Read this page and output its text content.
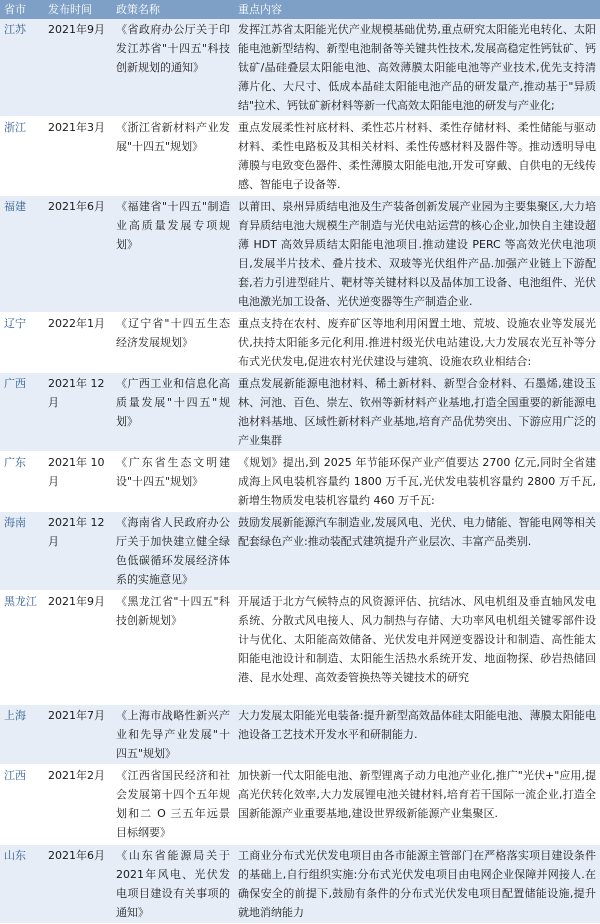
省市	发布时间	政策名称	重点内容
江苏	2021年9月	《省政府办公厅关于印发江苏省"十四五"科技创新规划的通知》	发挥江苏省太阳能光伏产业规模基础优势,重点研究太阳能光电转化、太阳能电池新型结构、新型电池制备等关键共性技术,发展高稳定性钙钛矿、钙钛矿/晶硅叠层太阳能电池、高效薄膜太阳能电池等产业技术,优先支持清薄片化、大尺寸、低成本晶硅太阳能电池产品的研发量产,推动基于"异质结"拉术、钙钛矿新材料等新一代高效太阳能电池的研发与产业化;
浙江	2021年3月	《浙江省新材料产业发展"十四五"规划》	重点发展柔性衬底材料、柔性芯片材料、柔性存储材料、柔性储能与驱动材料、柔性电路板及其相关材料、柔性传感材料及器件等。推动透明导电薄膜与电致变色器件、柔性薄膜太阳能电池,开发可穿戴、自供电的无线传感、智能电子设备等.
福建	2021年6月	《福建省"十四五"制造业高质量发展专项规划》	以莆田、泉州异质结电池及生产装备创新发展产业园为主要集聚区,大力培育异质结电池大规模生产制造与光伏电站运营的核心企业,加快自主建设超薄 HDT 高效异质结太阳能电池项目.推动建设 PERC 等高效光伏电池项目,发展半片技术、叠片技术、双玻等光伏组件产品.加强产业链上下游配套,若力引进型硅片、靶材等关键材料以及晶体加工设备、电池组件、光伏电池激光加工设备、光伏逆变器等生产制造企业.
辽宁	2022年1月	《辽宁省"十四五生态经济发展规划》	重点支持在农村、废弃矿区等地利用闲置土地、荒坡、设施农业等发展光伏,扶持太阳能多元化利用.推进村级光伏电站建设,大力发展农光互补等分布式光伏发电,促进农村光伏建设与建筑、设施农玖业相结合:
广西	2021年 12月	《广西工业和信息化高质量发展"十四五"规划》	重点发展新能源电池材料、稀土新材料、新型合金材料、石墨烯,建设玉林、河池、百色、崇左、钦州等新材料产业基地,打造全国重要的新能源电池材料基地、区域性新材料产业基地,培育产品优势突出、下游应用广泛的产业集群
广东	2021年 10月	《广东省生态文明建设"十四五"规划》	《规划》提出,到 2025 年节能环保产业产值要达 2700 亿元,同时全省建成海上风电装机容量约 1800 万千瓦,光伏发电装机容量约 2800 万千瓦,新增生物质发电装机容量约 460 万千瓦:
海南	2021年 12月	《海南省人民政府办公厅关于加快建立健全绿色低碳循环发展经济体系的实施意见》	鼓励发展新能源汽车制造业,发展风电、光伏、电力储能、智能电网等相关配套绿色产业:推动装配式建筑提升产业层次、丰富产品类别.
黑龙江	2021年9月	《黑龙江省"十四五"科技创新规划》	开展适于北方气候特点的风资源评估、抗结冰、风电机组及垂直轴风发电系统、分散式风电接人、风力制热与存储、大功率风电机组关键零部件设计与优化、太阳能高效储备、光伏发电并网逆变器设计和制造、高性能太阳能电池设计和制造、太阳能生活热水系统开发、地面物探、砂岩热储回港、昆水处理、高效委管换热等关键技术的研究
上海	2021年7月	《上海市战略性新兴产业和先导产业发展"十四五"规划》	大力发展太阳能光电装备:提升新型高效晶体硅太阳能电池、薄膜太阳能电池设备工艺技术开发水平和研制能力.
江西	2021年2月	《江西省国民经济和社会发展第十四个五年规划和二 O 三五年远景目标纲要》	加快新一代太阳能电池、新型锂离子动力电池产业化,推广"光伏+"应用,提高光伏转化效率,大力发展锂电池关键材料,培育若干国际一流企业,打造全国新能源产业重要基地,建设世界级新能源产业集聚区.
山东	2021年6月	《山东省能源局关于2021年风电、光伏发电项目建设有关事项的通知》	工商业分布式光伏发电项目由各市能源主管部门在严格落实项目建设条件的基础上,自行组织实施:分布式光伏发电项目由电网企业保障并网接人.在确保安全的前提下,鼓励有条件的分布式光伏发电项目配置储能设施,提升就地消纳能力
